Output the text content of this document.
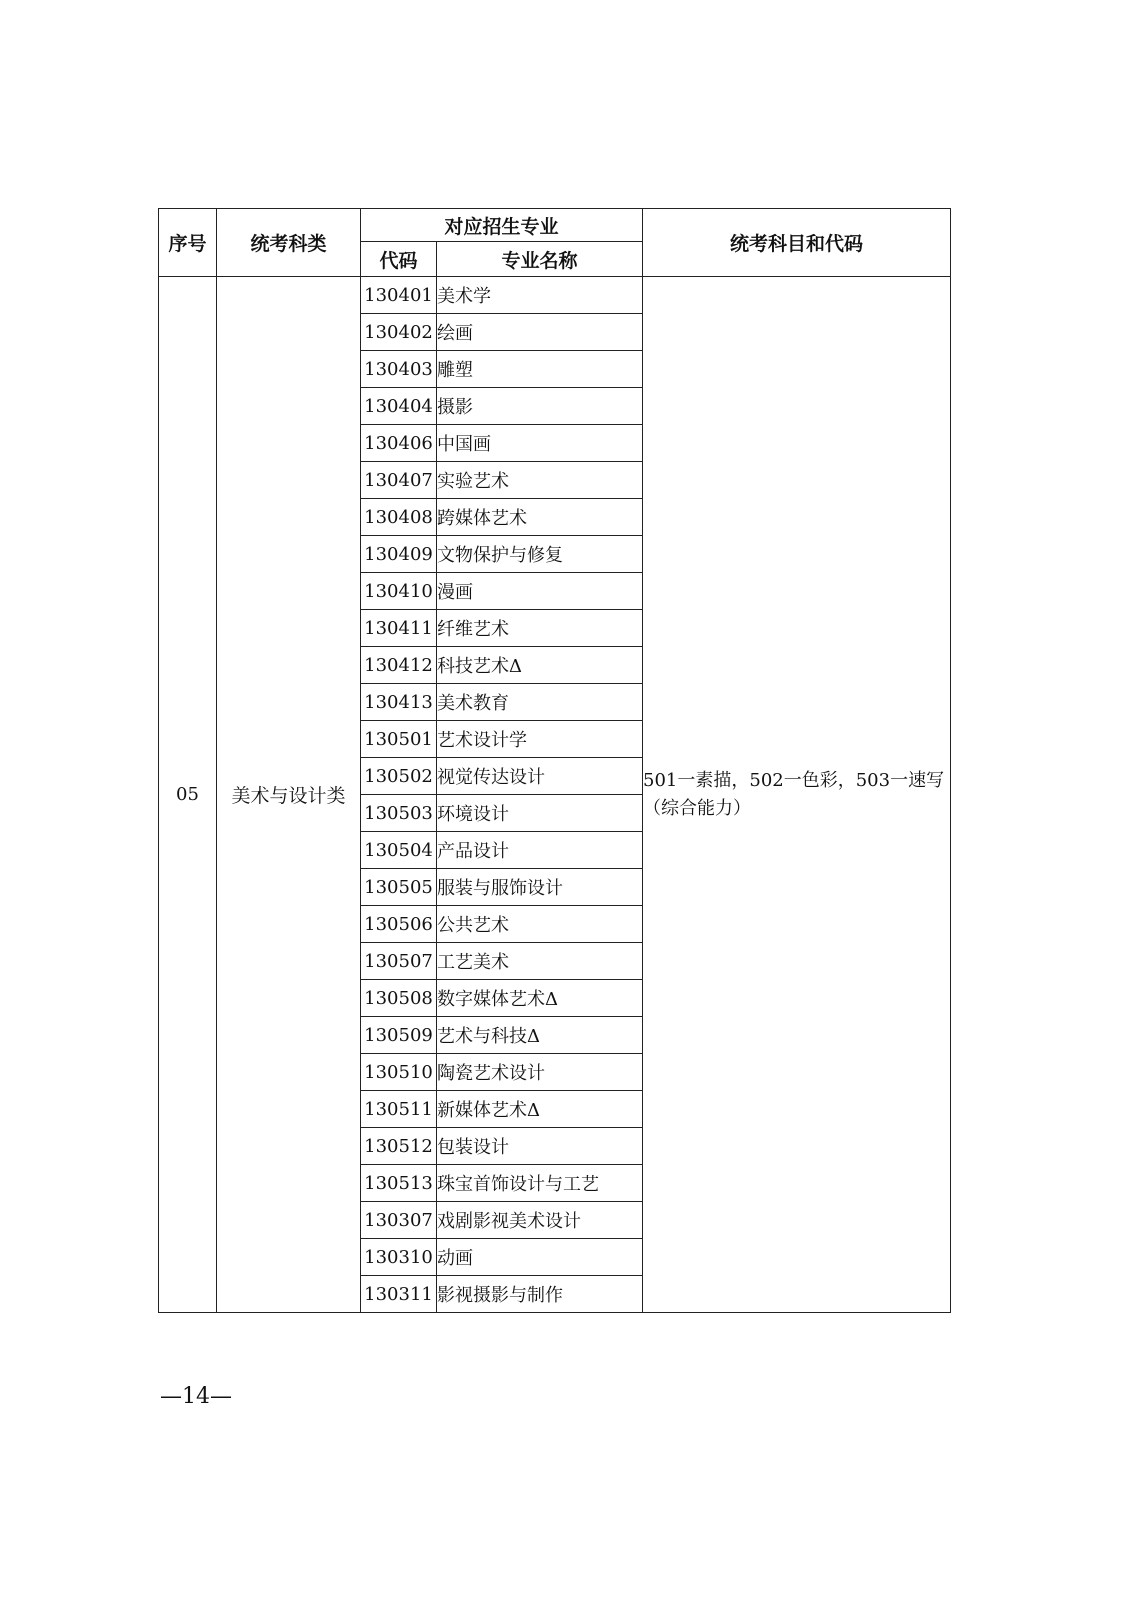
序号	统考科类	对应招生专业		统考科目和代码
		代码	专业名称	
05	美术与设计类	130401	美术学	501一素描，502一色彩，503一速写
（综合能力）

		130402	绘画	
		130403	雕塑	
		130404	摄影	
		130406	中国画	
		130407	实验艺术	
		130408	跨媒体艺术	
		130409	文物保护与修复	
		130410	漫画	
		130411	纤维艺术	
		130412	科技艺术Δ	
		130413	美术教育	
		130501	艺术设计学	
		130502	视觉传达设计	
		130503	环境设计	
		130504	产品设计	
		130505	服装与服饰设计	
		130506	公共艺术	
		130507	工艺美术	
		130508	数字媒体艺术Δ	
		130509	艺术与科技Δ	
		130510	陶瓷艺术设计	
		130511	新媒体艺术Δ	
		130512	包装设计	
		130513	珠宝首饰设计与工艺	
		130307	戏剧影视美术设计	
		130310	动画	
		130311	影视摄影与制作	
—14—
